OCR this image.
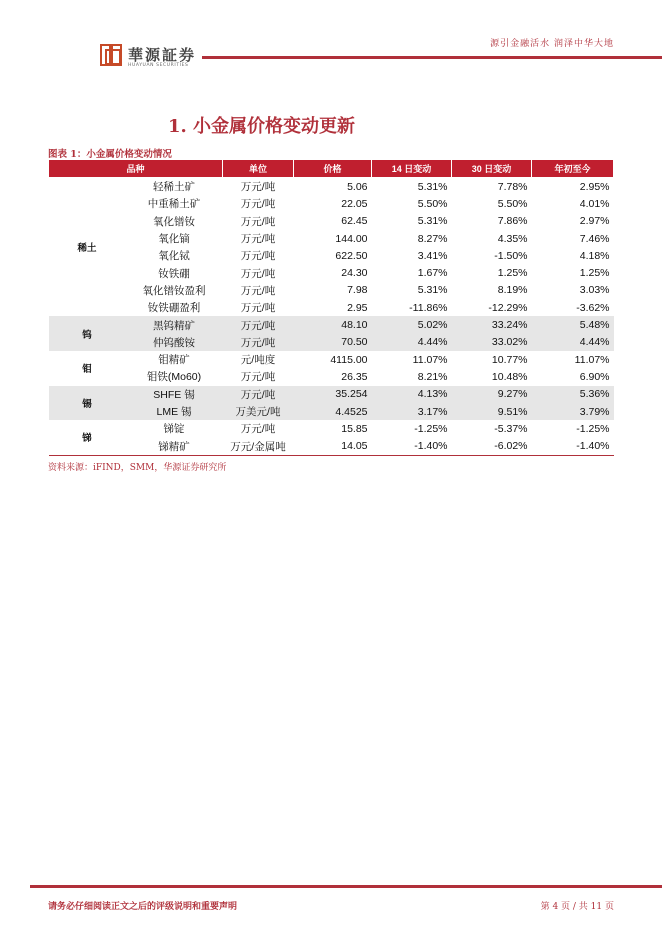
源引金融活水 润泽中华大地
華源証券
HUAYUAN SECURITIES
1. 小金属价格变动更新
图表 1：小金属价格变动情况
品种		单位	价格	14 日变动	30 日变动	年初至今
稀土	轻稀土矿	万元/吨	5.06	5.31%	7.78%	2.95%
	中重稀土矿	万元/吨	22.05	5.50%	5.50%	4.01%
	氧化镨钕	万元/吨	62.45	5.31%	7.86%	2.97%
	氧化镝	万元/吨	144.00	8.27%	4.35%	7.46%
	氧化铽	万元/吨	622.50	3.41%	-1.50%	4.18%
	钕铁硼	万元/吨	24.30	1.67%	1.25%	1.25%
	氧化镨钕盈利	万元/吨	7.98	5.31%	8.19%	3.03%
	钕铁硼盈利	万元/吨	2.95	-11.86%	-12.29%	-3.62%
钨	黑钨精矿	万元/吨	48.10	5.02%	33.24%	5.48%
	仲钨酸铵	万元/吨	70.50	4.44%	33.02%	4.44%
钼	钼精矿	元/吨度	4115.00	11.07%	10.77%	11.07%
	钼铁(Mo60)	万元/吨	26.35	8.21%	10.48%	6.90%
锡	SHFE 锡	万元/吨	35.254	4.13%	9.27%	5.36%
	LME 锡	万美元/吨	4.4525	3.17%	9.51%	3.79%
锑	锑锭	万元/吨	15.85	-1.25%	-5.37%	-1.25%
	锑精矿	万元/金属吨	14.05	-1.40%	-6.02%	-1.40%
资料来源：iFIND，SMM，华源证券研究所
请务必仔细阅读正文之后的评级说明和重要声明	第 4 页 / 共 11 页
